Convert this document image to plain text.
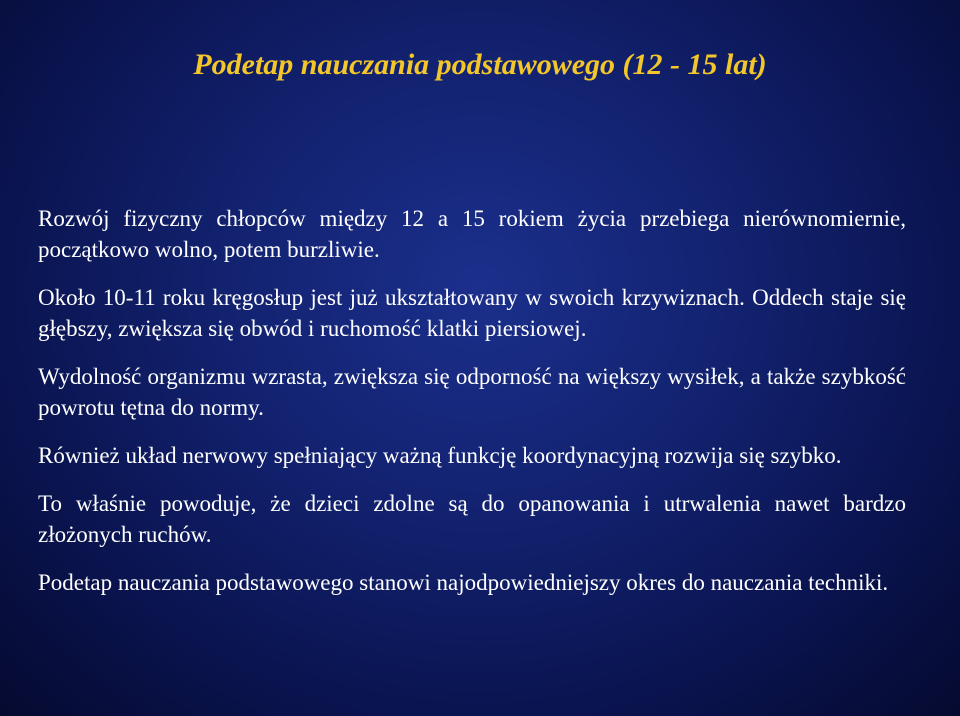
Podetap nauczania podstawowego (12 - 15 lat)

Rozwój fizyczny chłopców między 12 a 15 rokiem życia przebiega nierównomiernie, początkowo wolno, potem burzliwie.

Około 10-11 roku kręgosłup jest już ukształtowany w swoich krzywiznach. Oddech staje się głębszy, zwiększa się obwód i ruchomość klatki piersiowej.

Wydolność organizmu wzrasta, zwiększa się odporność na większy wysiłek, a także szybkość powrotu tętna do normy.

Również układ nerwowy spełniający ważną funkcję koordynacyjną rozwija się szybko.

To właśnie powoduje, że dzieci zdolne są do opanowania i utrwalenia nawet bardzo złożonych ruchów.

Podetap nauczania podstawowego stanowi najodpowiedniejszy okres do nauczania techniki.
